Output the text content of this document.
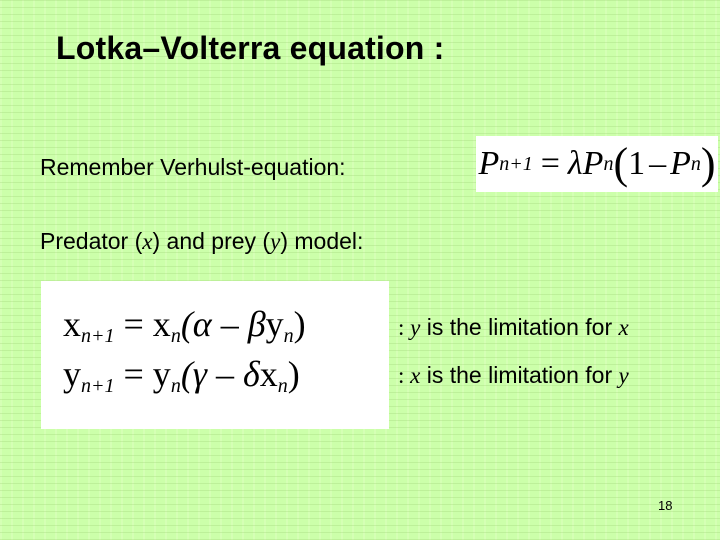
Lotka–Volterra equation :
Remember Verhulst-equation:	P n+1 = λ P n ( 1 – P n )
Predator (x) and prey (y) model:
$x_{n+1} = x_n(\alpha - \beta y_n)$
$y_{n+1} = y_n(\gamma - \delta x_n)$
: y is the limitation for x
: x is the limitation for y
18
